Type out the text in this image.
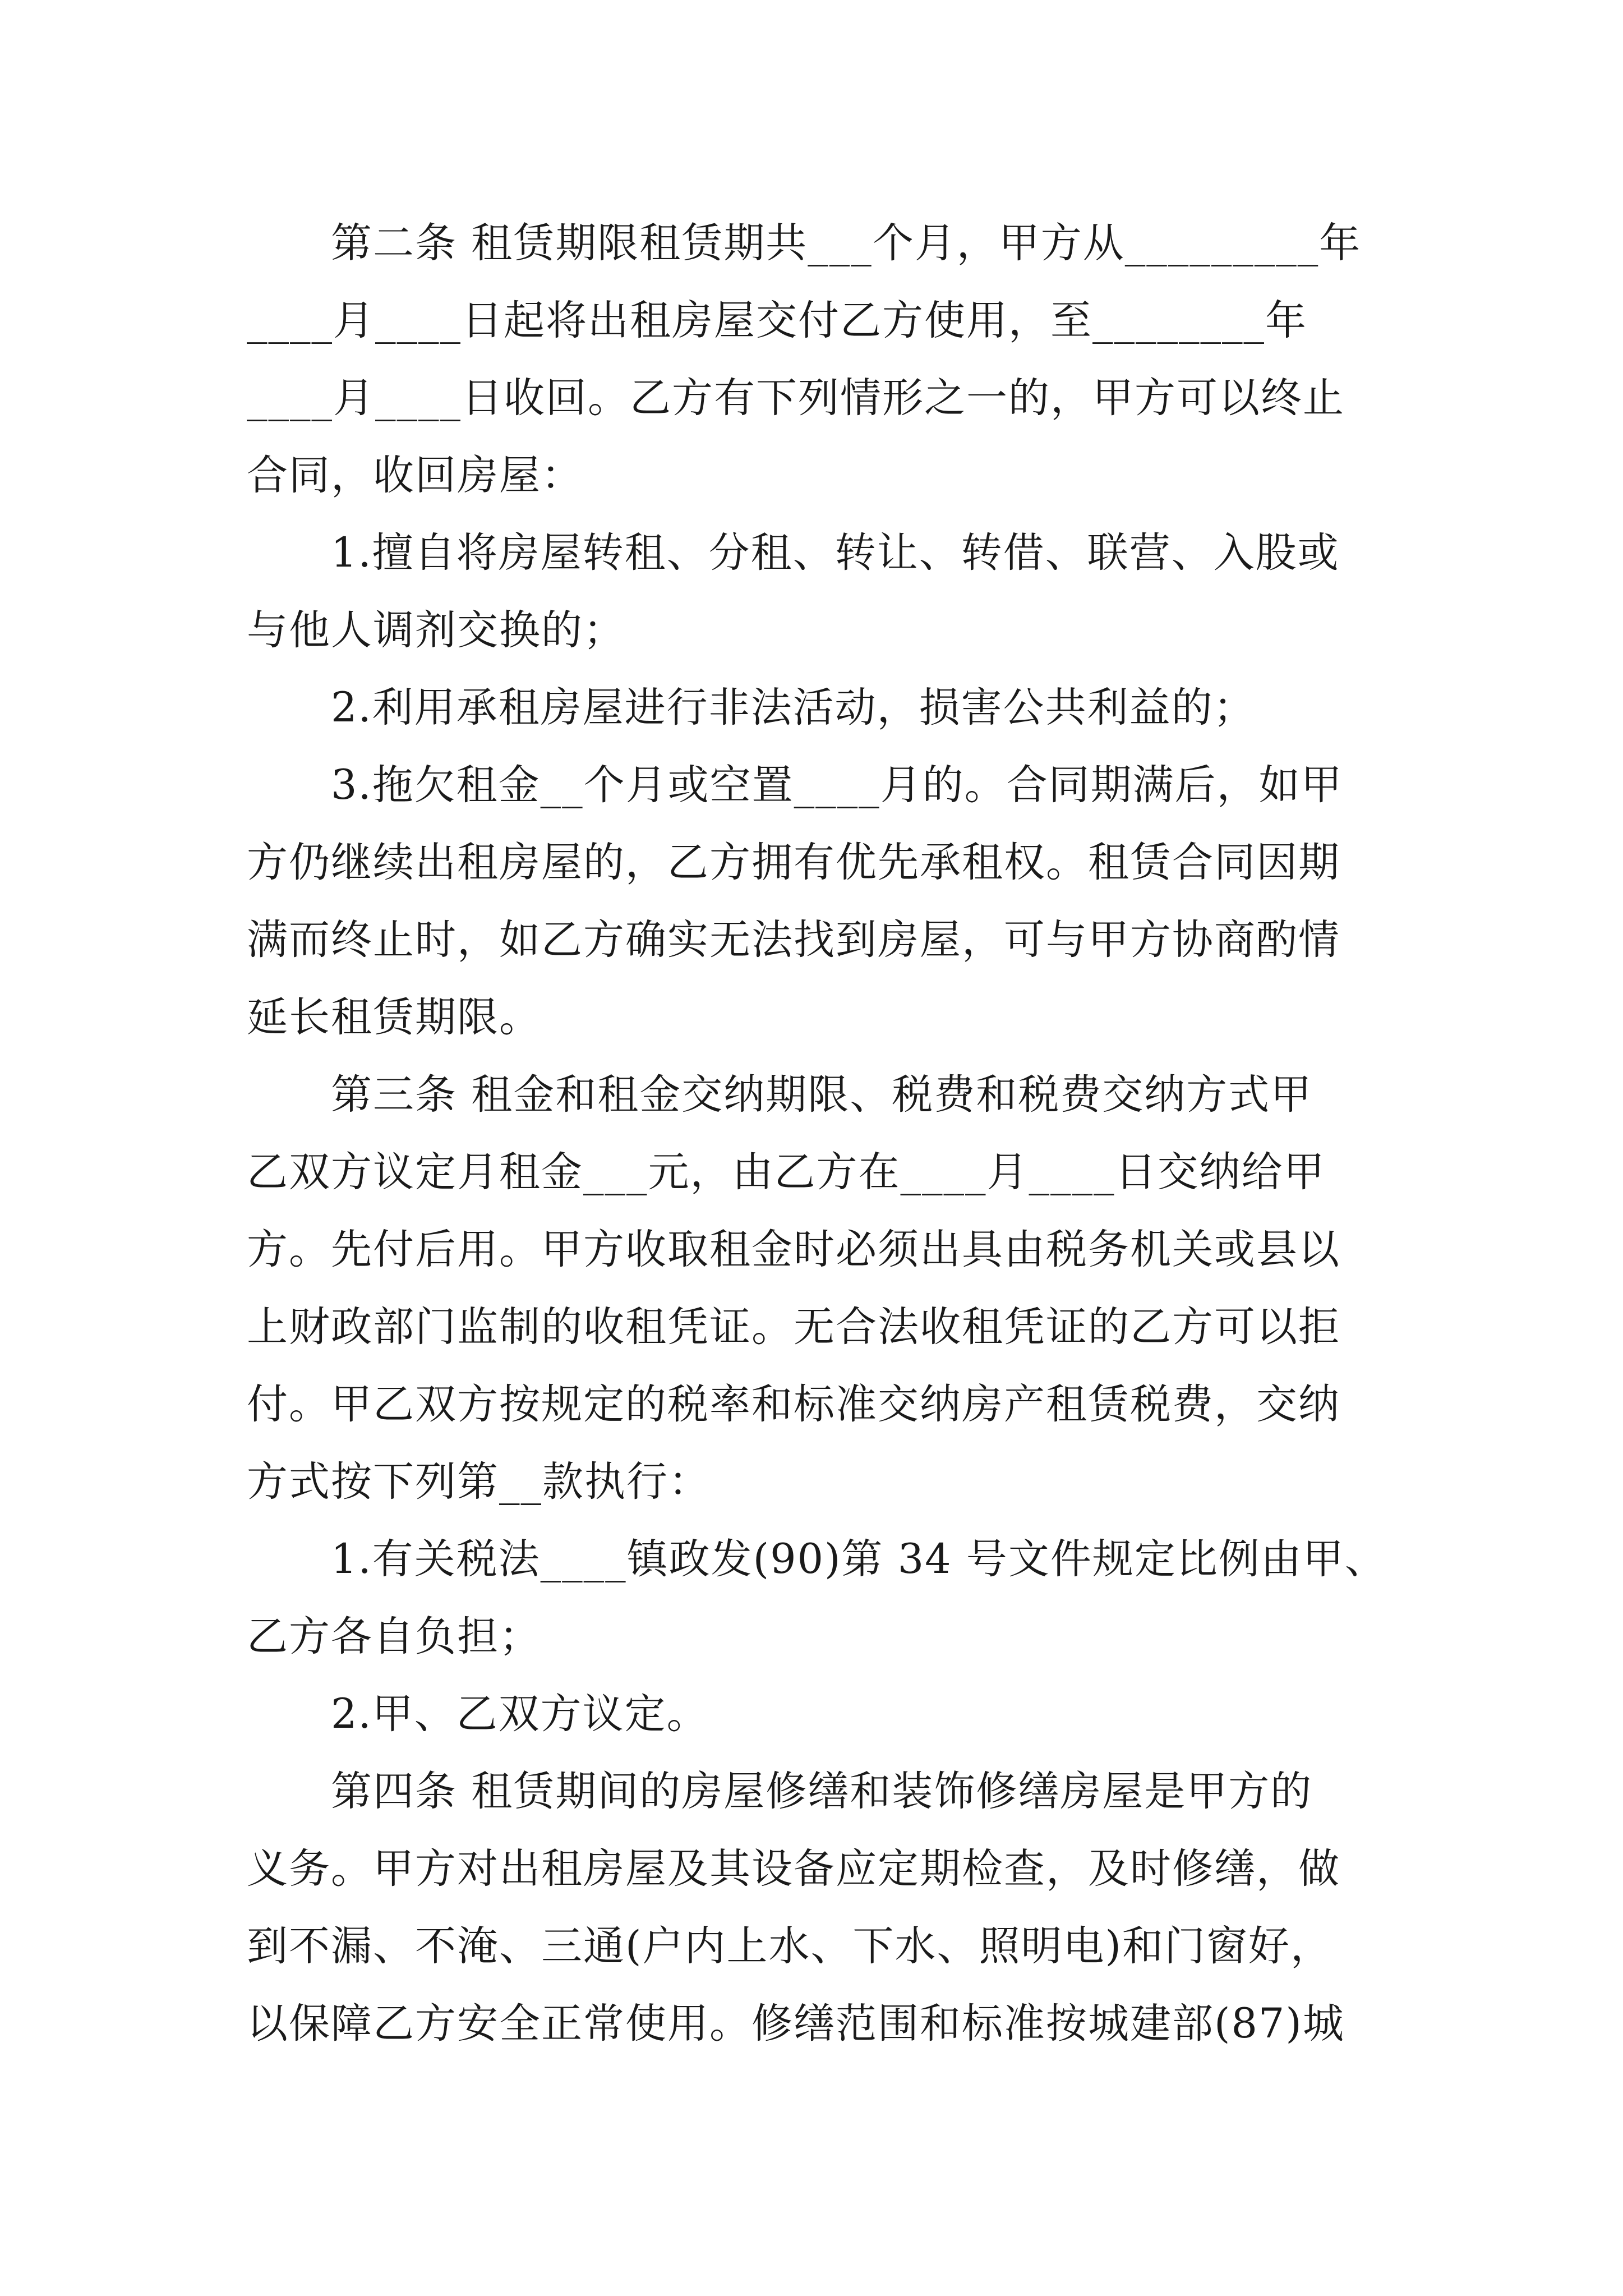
第二条 租赁期限租赁期共___个月，甲方从_________年
____月____日起将出租房屋交付乙方使用，至________年
____月____日收回。乙方有下列情形之一的，甲方可以终止
合同，收回房屋：
1.擅自将房屋转租、分租、转让、转借、联营、入股或
与他人调剂交换的；
2.利用承租房屋进行非法活动，损害公共利益的；
3.拖欠租金__个月或空置____月的。合同期满后，如甲
方仍继续出租房屋的，乙方拥有优先承租权。租赁合同因期
满而终止时，如乙方确实无法找到房屋，可与甲方协商酌情
延长租赁期限。
第三条 租金和租金交纳期限、税费和税费交纳方式甲
乙双方议定月租金___元，由乙方在____月____日交纳给甲
方。先付后用。甲方收取租金时必须出具由税务机关或县以
上财政部门监制的收租凭证。无合法收租凭证的乙方可以拒
付。甲乙双方按规定的税率和标准交纳房产租赁税费，交纳
方式按下列第__款执行：
1.有关税法____镇政发(90)第 34 号文件规定比例由甲、
乙方各自负担；
2.甲、乙双方议定。
第四条 租赁期间的房屋修缮和装饰修缮房屋是甲方的
义务。甲方对出租房屋及其设备应定期检查，及时修缮，做
到不漏、不淹、三通(户内上水、下水、照明电)和门窗好，
以保障乙方安全正常使用。修缮范围和标准按城建部(87)城
